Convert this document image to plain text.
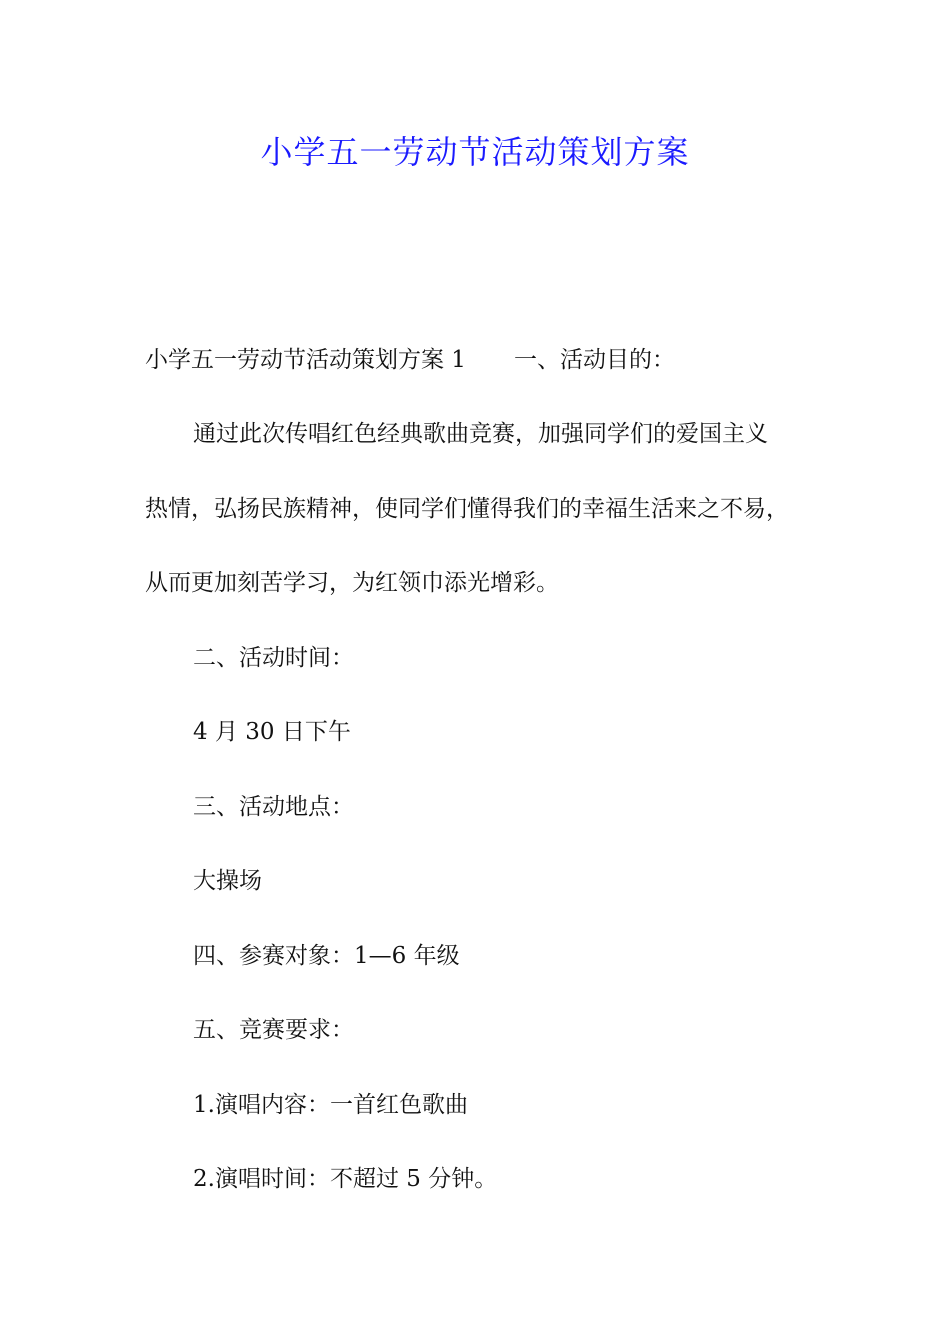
小学五一劳动节活动策划方案
小学五一劳动节活动策划方案 1 一、活动目的：
通过此次传唱红色经典歌曲竞赛，加强同学们的爱国主义
热情，弘扬民族精神，使同学们懂得我们的幸福生活来之不易，
从而更加刻苦学习，为红领巾添光增彩。
二、活动时间：
4 月 30 日下午
三、活动地点：
大操场
四、参赛对象：1—6 年级
五、竞赛要求：
1.演唱内容：一首红色歌曲
2.演唱时间：不超过 5 分钟。
